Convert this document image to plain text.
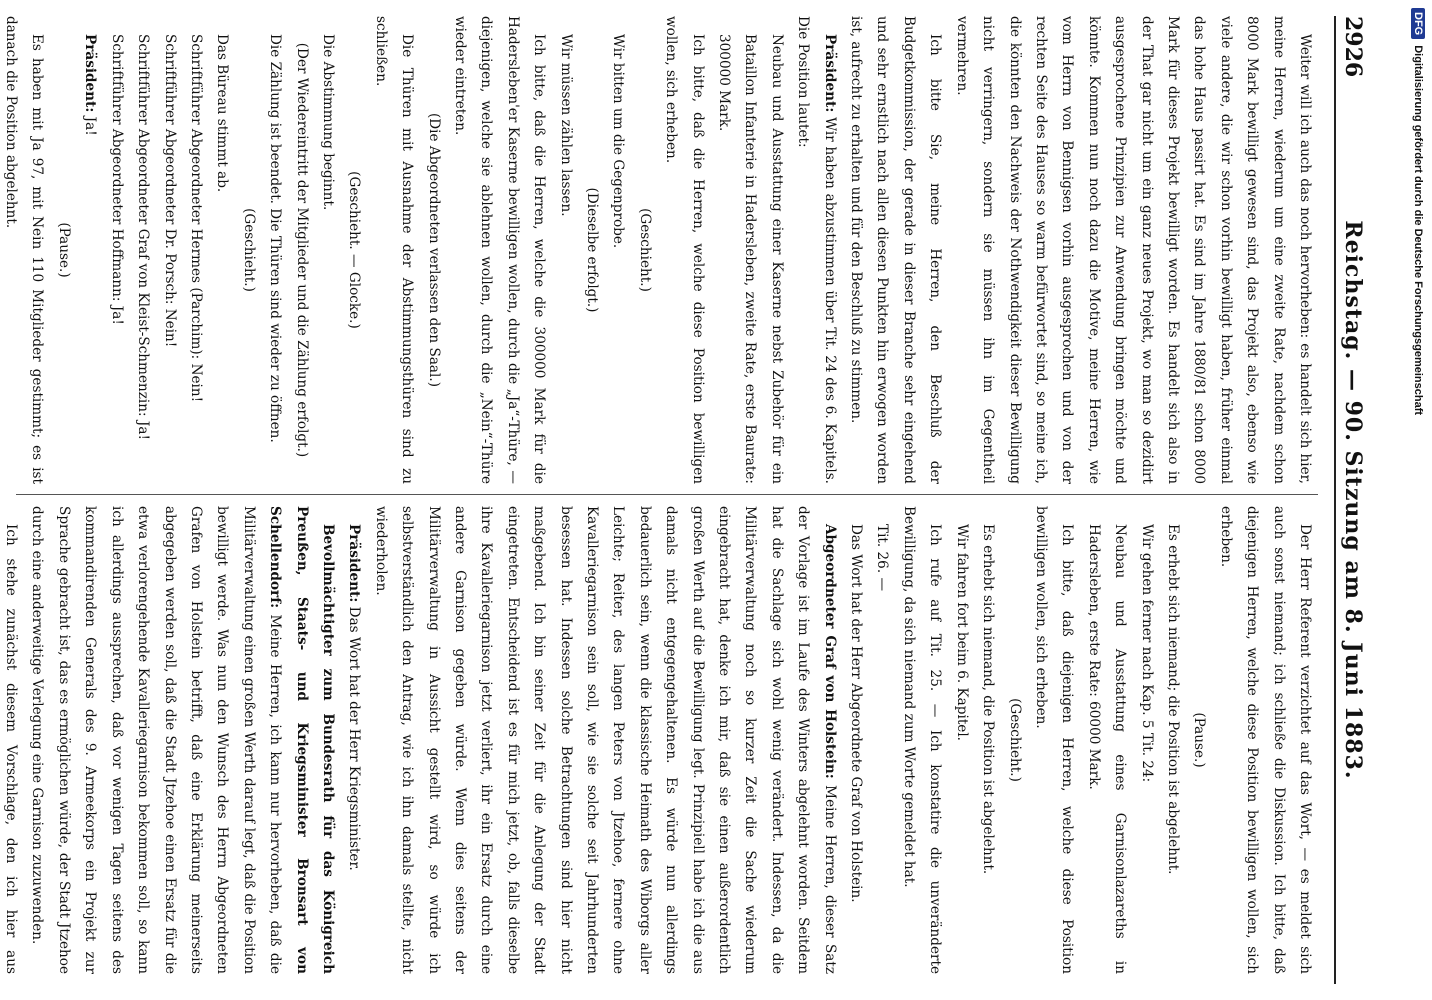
2926
Reichstag. — 90. Sitzung am 8. Juni 1883.

Weiter will ich auch das noch hervorheben: es handelt sich hier, meine Herren, wiederum um eine zweite Rate, nachdem schon 8000 Mark bewilligt gewesen sind, das Projekt also, ebenso wie viele andere, die wir schon vorhin bewilligt haben, früher einmal das hohe Haus passirt hat. Es sind im Jahre 1880/81 schon 8000 Mark für dieses Projekt bewilligt worden. Es handelt sich also in der That gar nicht um ein ganz neues Projekt, wo man so dezidirt ausgesprochene Prinzipien zur Anwendung bringen möchte und könnte. Kommen nun noch dazu die Motive, meine Herren, wie vom Herrn von Bennigsen vorhin ausgesprochen und von der rechten Seite des Hauses so warm befürwortet sind, so meine ich, die könnten den Nachweis der Nothwendigkeit dieser Bewilligung nicht verringern, sondern sie müssen ihn im Gegentheil vermehren.

Ich bitte Sie, meine Herren, den Beschluß der Budgetkommission, der gerade in dieser Branche sehr eingehend und sehr ernstlich nach allen diesen Punkten hin erwogen worden ist, aufrecht zu erhalten und für den Beschluß zu stimmen.

Präsident: Wir haben abzustimmen über Tit. 24 des 6. Kapitels. Die Position lautet:

Neubau und Ausstattung einer Kaserne nebst Zubehör für ein Bataillon Infanterie in Hadersleben, zweite Rate, erste Baurate: 300000 Mark.

Ich bitte, daß die Herren, welche diese Position bewilligen wollen, sich erheben.

(Geschieht.)

Wir bitten um die Gegenprobe.

(Dieselbe erfolgt.)

Wir müssen zählen lassen.

Ich bitte, daß die Herren, welche die 300000 Mark für die Hadersleben'er Kaserne bewilligen wollen, durch die „Ja“-Thüre, — diejenigen, welche sie ablehnen wollen, durch die „Nein“-Thüre wieder eintreten.

(Die Abgeordneten verlassen den Saal.)

Die Thüren mit Ausnahme der Abstimmungsthüren sind zu schließen.

(Geschieht. — Glocke.)

Die Abstimmung beginnt.

(Der Wiedereintritt der Mitglieder und die Zählung erfolgt.)

Die Zählung ist beendet. Die Thüren sind wieder zu öffnen.

(Geschieht.)

Das Büreau stimmt ab.

Schriftführer Abgeordneter Hermes (Parchim): Nein!

Schriftführer Abgeordneter Dr. Porsch: Nein!

Schriftführer Abgeordneter Graf von Kleist-Schmenzin: Ja!

Schriftführer Abgeordneter Hoffmann: Ja!

Präsident: Ja!

(Pause.)

Es haben mit Ja 97, mit Nein 110 Mitglieder gestimmt; es ist danach die Position abgelehnt.

Der Herr Referent verzichtet auf das Wort, — es meldet sich auch sonst niemand; ich schließe die Diskussion. Ich bitte, daß diejenigen Herren, welche diese Position bewilligen wollen, sich erheben.

(Pause.)

Es erhebt sich niemand; die Position ist abgelehnt.

Wir gehen ferner nach Kap. 5 Tit. 24:

Neubau und Ausstattung eines Garnisonlazareths in Hadersleben, erste Rate: 60000 Mark.

Ich bitte, daß diejenigen Herren, welche diese Position bewilligen wollen, sich erheben.

(Geschieht.)

Es erhebt sich niemand, die Position ist abgelehnt.

Wir fahren fort beim 6. Kapitel.

Ich rufe auf Tit. 25. — Ich konstatire die unveränderte Bewilligung, da sich niemand zum Worte gemeldet hat.

Tit. 26. —

Das Wort hat der Herr Abgeordnete Graf von Holstein.

Abgeordneter Graf von Holstein: Meine Herren, dieser Satz der Vorlage ist im Laufe des Winters abgelehnt worden. Seitdem hat die Sachlage sich wohl wenig verändert. Indessen, da die Militärverwaltung noch so kurzer Zeit die Sache wiederum eingebracht hat, denke ich mir, daß sie einen außerordentlich großen Werth auf die Bewilligung legt. Prinzipiell habe ich die aus damals nicht entgegengehaltenen. Es würde nun allerdings bedauerlich sein, wenn die klassische Heimath des Wiborgs aller Leichte; Reiter, des langen Peters von Jtzehoe, fernere ohne Kavalleriegarnison sein soll, wie sie solche seit Jahrhunderten besessen hat. Indessen solche Betrachtungen sind hier nicht maßgebend. Ich bin seiner Zeit für die Anlegung der Stadt eingetreten. Entscheidend ist es für mich jetzt, ob, falls dieselbe ihre Kavalleriegarnison jetzt verliert, ihr ein Ersatz durch eine andere Garnison gegeben würde. Wenn dies seitens der Militärverwaltung in Aussicht gestellt wird, so würde ich selbstverständlich den Antrag, wie ich ihn damals stellte, nicht wiederholen.

Präsident: Das Wort hat der Herr Kriegsminister.

Bevollmächtigter zum Bundesrath für das Königreich Preußen, Staats- und Kriegsminister Bronsart von Schellendorf: Meine Herren, ich kann nur hervorheben, daß die Militärverwaltung einen großen Werth darauf legt, daß die Position bewilligt werde. Was nun den Wunsch des Herrn Abgeordneten Grafen von Holstein betrifft, daß eine Erklärung meinerseits abgegeben werden soll, daß die Stadt Jtzehoe einen Ersatz für die etwa verlorengehende Kavalleriegarnison bekommen soll, so kann ich allerdings aussprechen, daß vor wenigen Tagen seitens des kommandirenden Generals des 9. Armeekorps ein Projekt zur Sprache gebracht ist, das es ermöglichen würde, der Stadt Jtzehoe durch eine anderweitige Verlegung eine Garnison zuzuwenden.

Ich stehe zunächst diesem Vorschlage, den ich hier aus

DFG
Digitalisierung gefördert durch die Deutsche Forschungsgemeinschaft
